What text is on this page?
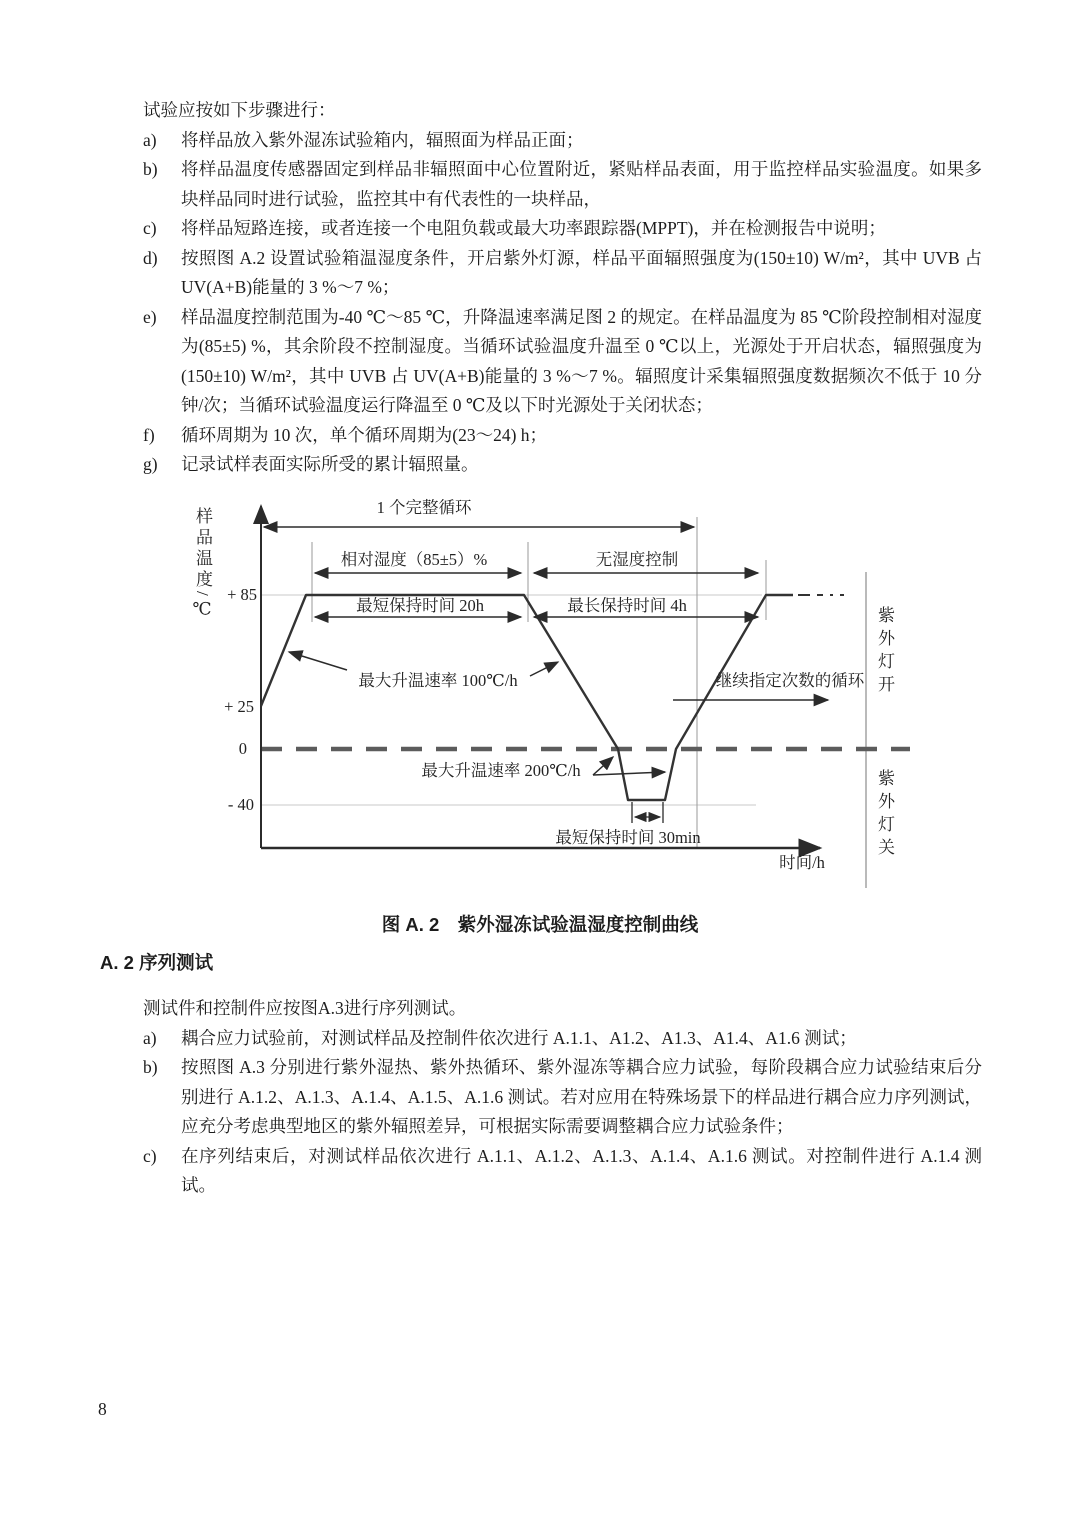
试验应按如下步骤进行：
a)	将样品放入紫外湿冻试验箱内，辐照面为样品正面；
b)	将样品温度传感器固定到样品非辐照面中心位置附近，紧贴样品表面，用于监控样品实验温度。如果多块样品同时进行试验，监控其中有代表性的一块样品，
c)	将样品短路连接，或者连接一个电阻负载或最大功率跟踪器(MPPT)，并在检测报告中说明；
d)	按照图 A.2 设置试验箱温湿度条件，开启紫外灯源，样品平面辐照强度为(150±10) W/m²，其中 UVB 占 UV(A+B)能量的 3 %～7 %；
e)	样品温度控制范围为-40 ℃～85 ℃，升降温速率满足图 2 的规定。在样品温度为 85 ℃阶段控制相对湿度为(85±5) %，其余阶段不控制湿度。当循环试验温度升温至 0 ℃以上，光源处于开启状态，辐照强度为(150±10) W/m²，其中 UVB 占 UV(A+B)能量的 3 %～7 %。辐照度计采集辐照强度数据频次不低于 10 分钟/次；当循环试验温度运行降温至 0 ℃及以下时光源处于关闭状态；
f)	循环周期为 10 次，单个循环周期为(23～24) h；
g)	记录试样表面实际所受的累计辐照量。
样品温度/℃ + 85
+ 25
0
- 40
1 个完整循环
相对湿度（85±5）%	无湿度控制
最短保持时间 20h	最长保持时间 4h
最大升温速率 100℃/h
最大升温速率 200℃/h
最短保持时间 30min
继续指定次数的循环
时间/h
紫外灯开
紫外灯关
图 A. 2　紫外湿冻试验温湿度控制曲线
A. 2 序列测试
测试件和控制件应按图A.3进行序列测试。
a)	耦合应力试验前，对测试样品及控制件依次进行 A.1.1、A1.2、A1.3、A1.4、A1.6 测试；
b)	按照图 A.3 分别进行紫外湿热、紫外热循环、紫外湿冻等耦合应力试验，每阶段耦合应力试验结束后分别进行 A.1.2、A.1.3、A.1.4、A.1.5、A.1.6 测试。若对应用在特殊场景下的样品进行耦合应力序列测试，应充分考虑典型地区的紫外辐照差异，可根据实际需要调整耦合应力试验条件；
c)	在序列结束后，对测试样品依次进行 A.1.1、A.1.2、A.1.3、A.1.4、A.1.6 测试。对控制件进行 A.1.4 测试。
8
